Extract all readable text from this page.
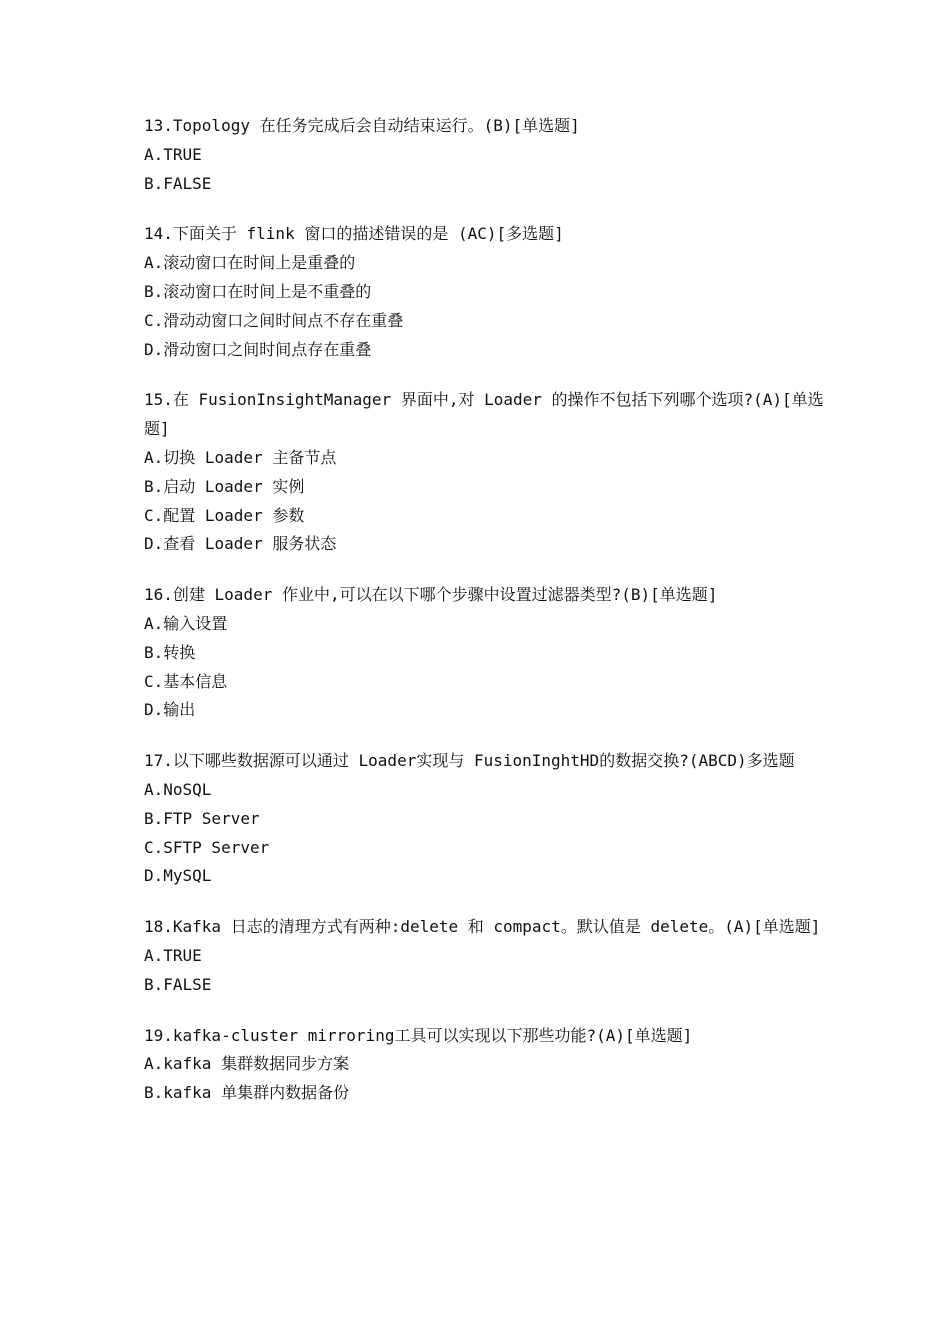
13.Topology 在任务完成后会自动结束运行。(B)[单选题]
A.TRUE
B.FALSE
14.下面关于 flink 窗口的描述错误的是 (AC)[多选题]
A.滚动窗口在时间上是重叠的
B.滚动窗口在时间上是不重叠的
C.滑动动窗口之间时间点不存在重叠
D.滑动窗口之间时间点存在重叠
15.在 FusionInsightManager 界面中,对 Loader 的操作不包括下列哪个选项?(A)[单选题]
A.切换 Loader 主备节点
B.启动 Loader 实例
C.配置 Loader 参数
D.查看 Loader 服务状态
16.创建 Loader 作业中,可以在以下哪个步骤中设置过滤器类型?(B)[单选题]
A.输入设置
B.转换
C.基本信息
D.输出
17.以下哪些数据源可以通过 Loader实现与 FusionInghtHD的数据交换?(ABCD)多选题
A.NoSQL
B.FTP Server
C.SFTP Server
D.MySQL
18.Kafka 日志的清理方式有两种:delete 和 compact。默认值是 delete。(A)[单选题]
A.TRUE
B.FALSE
19.kafka-cluster mirroring工具可以实现以下那些功能?(A)[单选题]
A.kafka 集群数据同步方案
B.kafka 单集群内数据备份
